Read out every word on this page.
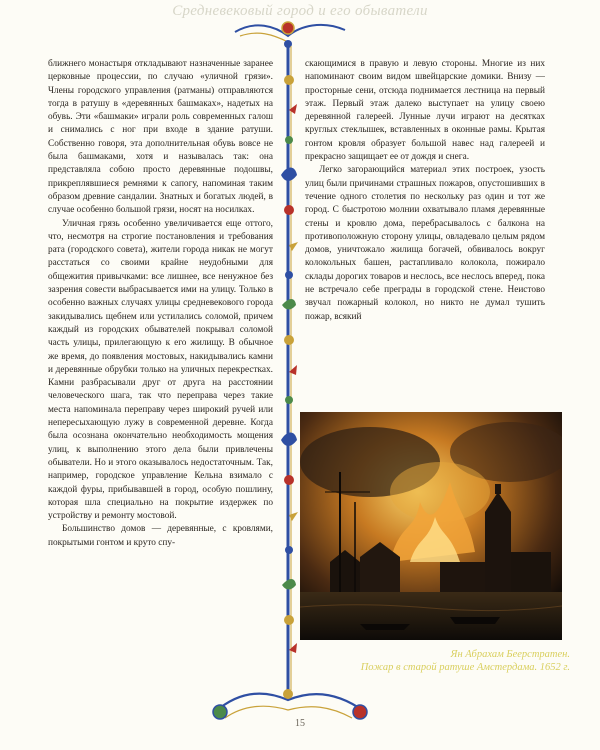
Средневековый город и его обыватели

ближнего монастыря откладывают назначенные заранее церковные процессии, по случаю «уличной грязи». Члены городского управления (ратманы) отправляются тогда в ратушу в «деревянных башмаках», надетых на обувь. Эти «башмаки» играли роль современных галош и снимались с ног при входе в здание ратуши. Собственно говоря, эта дополнительная обувь вовсе не была башмаками, хотя и называлась так: она представляла собою просто деревянные подошвы, прикреплявшиеся ремнями к сапогу, напоминая таким образом древние сандалии. Знатных и богатых людей, в случае особенно большой грязи, носят на носилках.

Уличная грязь особенно увеличивается еще оттого, что, несмотря на строгие постановления и требования рата (городского совета), жители города никак не могут расстаться со своими крайне неудобными для общежития привычками: все лишнее, все ненужное без зазрения совести выбрасывается ими на улицу. Только в особенно важных случаях улицы средневекового города закидывались щебнем или устилались соломой, причем каждый из городских обывателей покрывал соломой часть улицы, прилегающую к его жилищу. В обычное же время, до появления мостовых, накидывались камни и деревянные обрубки только на уличных перекрестках. Камни разбрасывали друг от друга на расстоянии человеческого шага, так что переправа через такие места напоминала переправу через широкий ручей или непересыхающую лужу в современной деревне. Когда была осознана окончательно необходимость мощения улиц, к выполнению этого дела были привлечены обыватели. Но и этого оказывалось недостаточным. Так, например, городское управление Кельна взимало с каждой фуры, прибывавшей в город, особую пошлину, которая шла специально на покрытие издержек по устройству и ремонту мостовой.

Большинство домов — деревянные, с кровлями, покрытыми гонтом и круто спу-

скающимися в правую и левую стороны. Многие из них напоминают своим видом швейцарские домики. Внизу — просторные сени, отсюда поднимается лестница на первый этаж. Первый этаж далеко выступает на улицу своею деревянной галереей. Лунные лучи играют на десятках круглых стеклышек, вставленных в оконные рамы. Крытая гонтом кровля образует большой навес над галереей и прекрасно защищает ее от дождя и снега.

Легко загорающийся материал этих построек, узость улиц были причинами страшных пожаров, опустошивших в течение одного столетия по нескольку раз один и тот же город. С быстротою молнии охватывало пламя деревянные стены и кровлю дома, перебрасывалось с балкона на противоположную сторону улицы, овладевало целым рядом домов, уничтожало жилища богачей, обвивалось вокруг колокольных башен, растапливало колокола, пожирало склады дорогих товаров и неслось, все неслось вперед, пока не встречало себе преграды в городской стене. Неистово звучал пожарный колокол, но никто не думал тушить пожар, всякий

Ян Абрахам Беерстратен.
Пожар в старой ратуше Амстердама. 1652 г.
15
